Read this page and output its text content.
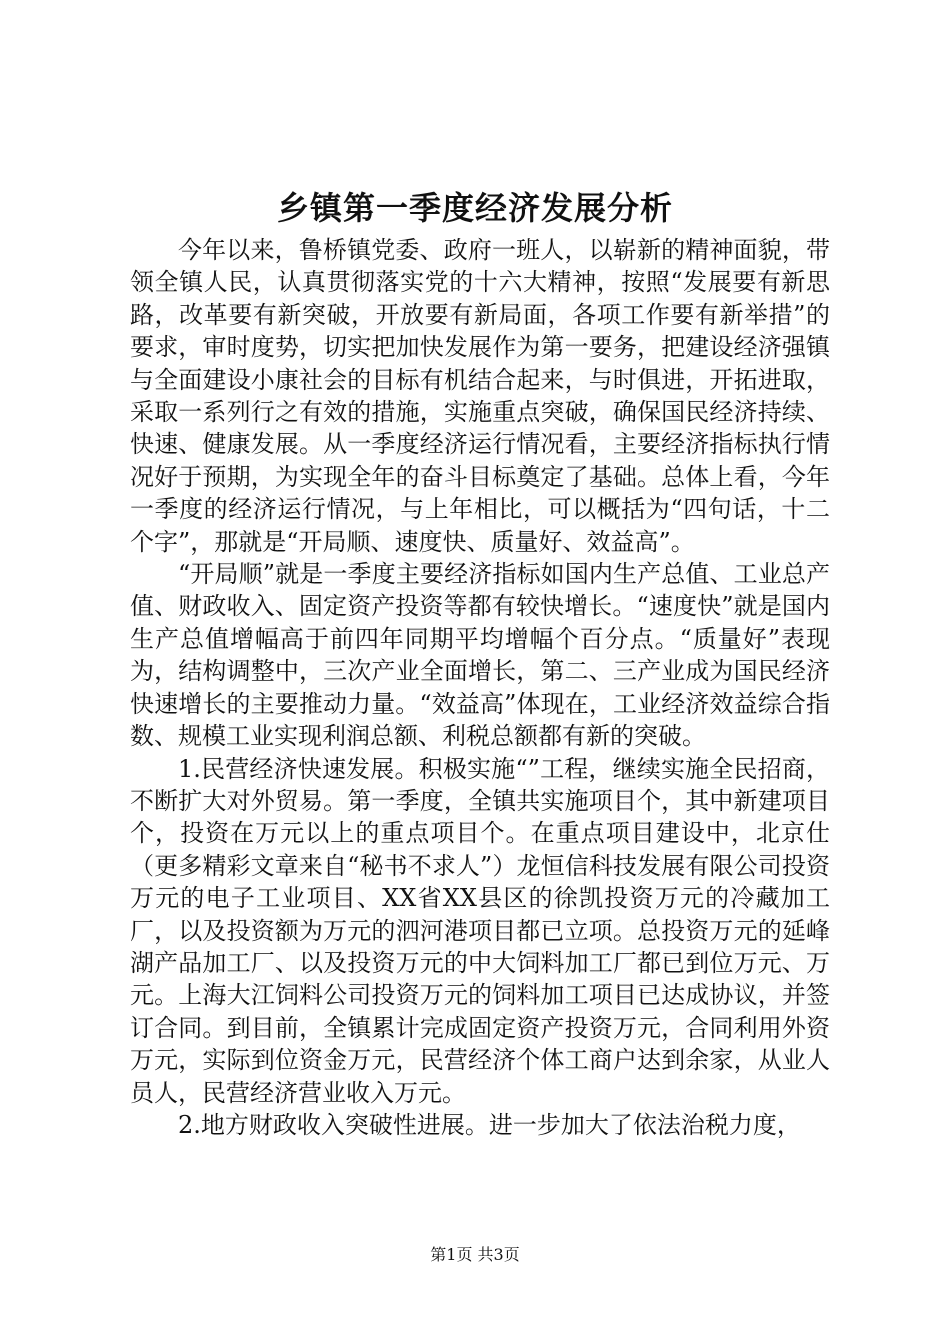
乡镇第一季度经济发展分析

今年以来，鲁桥镇党委、政府一班人，以崭新的精神面貌，带领全镇人民，认真贯彻落实党的十六大精神，按照“发展要有新思路，改革要有新突破，开放要有新局面，各项工作要有新举措”的要求，审时度势，切实把加快发展作为第一要务，把建设经济强镇与全面建设小康社会的目标有机结合起来，与时俱进，开拓进取，采取一系列行之有效的措施，实施重点突破，确保国民经济持续、快速、健康发展。从一季度经济运行情况看，主要经济指标执行情况好于预期，为实现全年的奋斗目标奠定了基础。总体上看，今年一季度的经济运行情况，与上年相比，可以概括为“四句话，十二个字”，那就是“开局顺、速度快、质量好、效益高”。

“开局顺”就是一季度主要经济指标如国内生产总值、工业总产值、财政收入、固定资产投资等都有较快增长。“速度快”就是国内生产总值增幅高于前四年同期平均增幅个百分点。“质量好”表现为，结构调整中，三次产业全面增长，第二、三产业成为国民经济快速增长的主要推动力量。“效益高”体现在，工业经济效益综合指数、规模工业实现利润总额、利税总额都有新的突破。

1.民营经济快速发展。积极实施“”工程，继续实施全民招商，不断扩大对外贸易。第一季度，全镇共实施项目个，其中新建项目个，投资在万元以上的重点项目个。在重点项目建设中，北京仕（更多精彩文章来自“秘书不求人”）龙恒信科技发展有限公司投资万元的电子工业项目、XX省XX县区的徐凯投资万元的冷藏加工厂，以及投资额为万元的泗河港项目都已立项。总投资万元的延峰湖产品加工厂、以及投资万元的中大饲料加工厂都已到位万元、万元。上海大江饲料公司投资万元的饲料加工项目已达成协议，并签订合同。到目前，全镇累计完成固定资产投资万元，合同利用外资万元，实际到位资金万元，民营经济个体工商户达到余家，从业人员人，民营经济营业收入万元。

2.地方财政收入突破性进展。进一步加大了依法治税力度，

第1页 共3页
